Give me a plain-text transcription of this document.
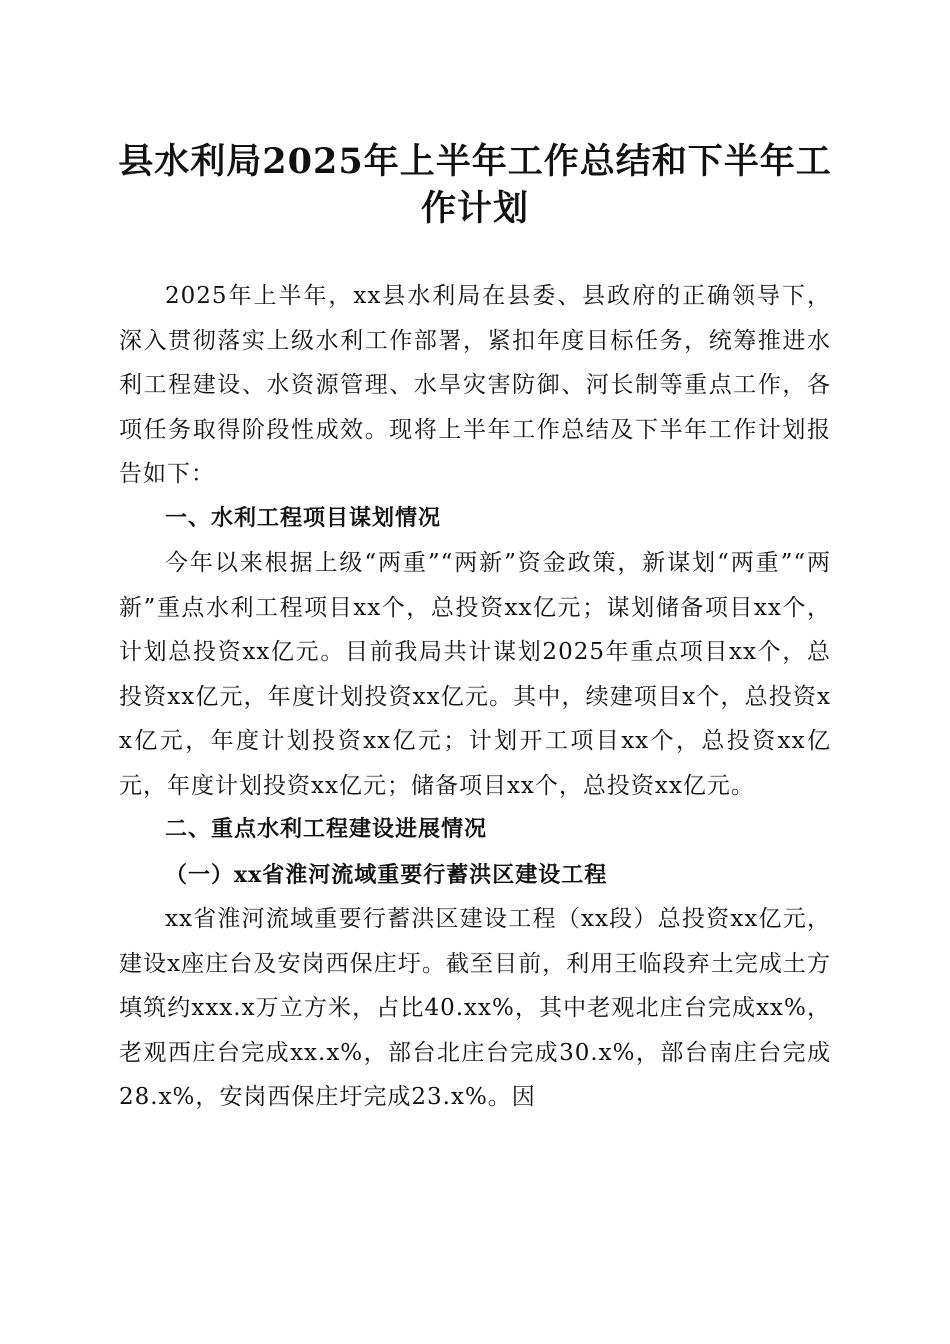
县水利局2025年上半年工作总结和下半年工
作计划

2025年上半年，xx县水利局在县委、县政府的正确领导下，深入贯彻落实上级水利工作部署，紧扣年度目标任务，统筹推进水利工程建设、水资源管理、水旱灾害防御、河长制等重点工作，各项任务取得阶段性成效。现将上半年工作总结及下半年工作计划报告如下：

一、水利工程项目谋划情况

今年以来根据上级“两重”“两新”资金政策，新谋划“两重”“两新”重点水利工程项目xx个，总投资xx亿元；谋划储备项目xx个，计划总投资xx亿元。目前我局共计谋划2025年重点项目xx个，总投资xx亿元，年度计划投资xx亿元。其中，续建项目x个，总投资xx亿元，年度计划投资xx亿元；计划开工项目xx个，总投资xx亿元，年度计划投资xx亿元；储备项目xx个，总投资xx亿元。

二、重点水利工程建设进展情况
（一）xx省淮河流域重要行蓄洪区建设工程

xx省淮河流域重要行蓄洪区建设工程（xx段）总投资xx亿元，建设x座庄台及安岗西保庄圩。截至目前，利用王临段弃土完成土方填筑约xxx.x万立方米，占比40.xx%，其中老观北庄台完成xx%，老观西庄台完成xx.x%，部台北庄台完成30.x%，部台南庄台完成28.x%，安岗西保庄圩完成23.x%。因
